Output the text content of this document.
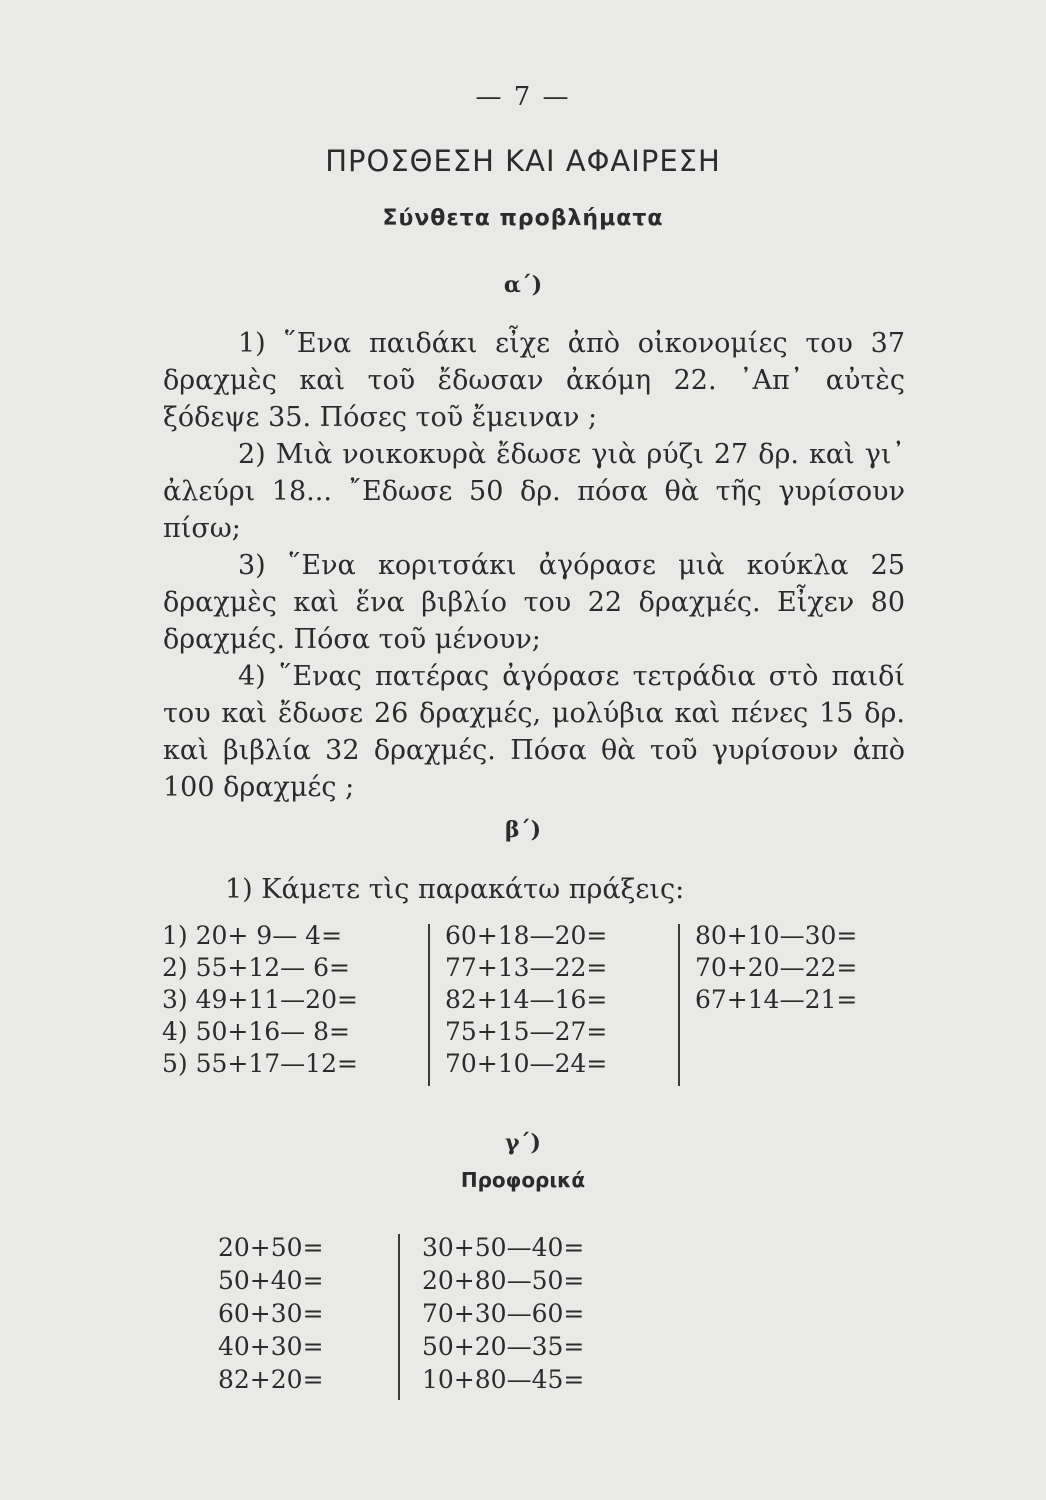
— 7 —
ΠΡΟΣΘΕΣΗ ΚΑΙ ΑΦΑΙΡΕΣΗ
Σύνθετα προβλήματα
α΄)

1) ῞Ενα παιδάκι εἶχε ἀπὸ οἰκονομίες του 37 δραχμὲς καὶ τοῦ ἔδωσαν ἀκόμη 22. ᾽Απ᾽ αὐτὲς ξόδεψε 35. Πόσες τοῦ ἔμειναν ;

2) Μιὰ νοικοκυρὰ ἔδωσε γιὰ ρύζι 27 δρ. καὶ γι᾽ ἀλεύρι 18... ῎Εδωσε 50 δρ. πόσα θὰ τῆς γυρίσουν πίσω;

3) ῞Ενα κοριτσάκι ἀγόρασε μιὰ κούκλα 25 δραχμὲς καὶ ἕνα βιβλίο του 22 δραχμές. Εἶχεν 80 δραχμές. Πόσα τοῦ μένουν;

4) ῞Ενας πατέρας ἀγόρασε τετράδια στὸ παιδί του καὶ ἔδωσε 26 δραχμές, μολύβια καὶ πένες 15 δρ. καὶ βιβλία 32 δραχμές. Πόσα θὰ τοῦ γυρίσουν ἀπὸ 100 δραχμές ;

β΄)
1) Κάμετε τὶς παρακάτω πράξεις:
1) 20+ 9— 4=
2) 55+12— 6=
3) 49+11—20=
4) 50+16— 8=
5) 55+17—12=
60+18—20=
77+13—22=
82+14—16=
75+15—27=
70+10—24=
80+10—30=
70+20—22=
67+14—21=
γ΄)
Προφορικά
20+50=
50+40=
60+30=
40+30=
82+20=
30+50—40=
20+80—50=
70+30—60=
50+20—35=
10+80—45=
